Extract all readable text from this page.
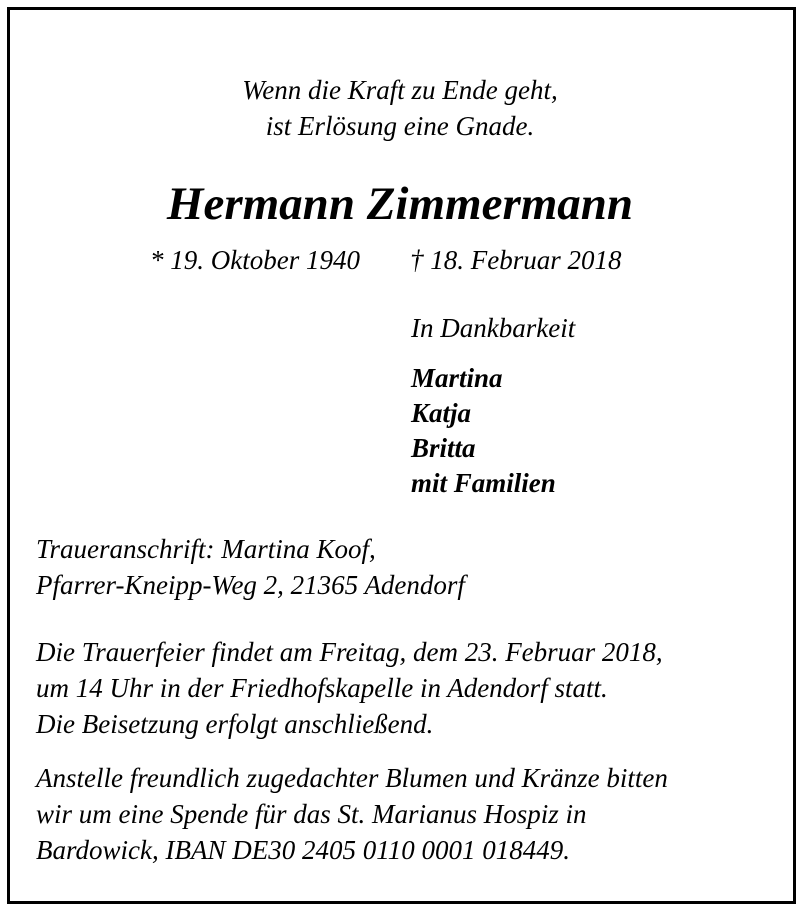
Wenn die Kraft zu Ende geht,
ist Erlösung eine Gnade.
Hermann Zimmermann
* 19. Oktober 1940 † 18. Februar 2018
In Dankbarkeit
Martina
Katja
Britta
mit Familien
Traueranschrift: Martina Koof,
Pfarrer-Kneipp-Weg 2, 21365 Adendorf
Die Trauerfeier findet am Freitag, dem 23. Februar 2018,
um 14 Uhr in der Friedhofskapelle in Adendorf statt.
Die Beisetzung erfolgt anschließend.
Anstelle freundlich zugedachter Blumen und Kränze bitten
wir um eine Spende für das St. Marianus Hospiz in
Bardowick, IBAN DE30 2405 0110 0001 018449.
